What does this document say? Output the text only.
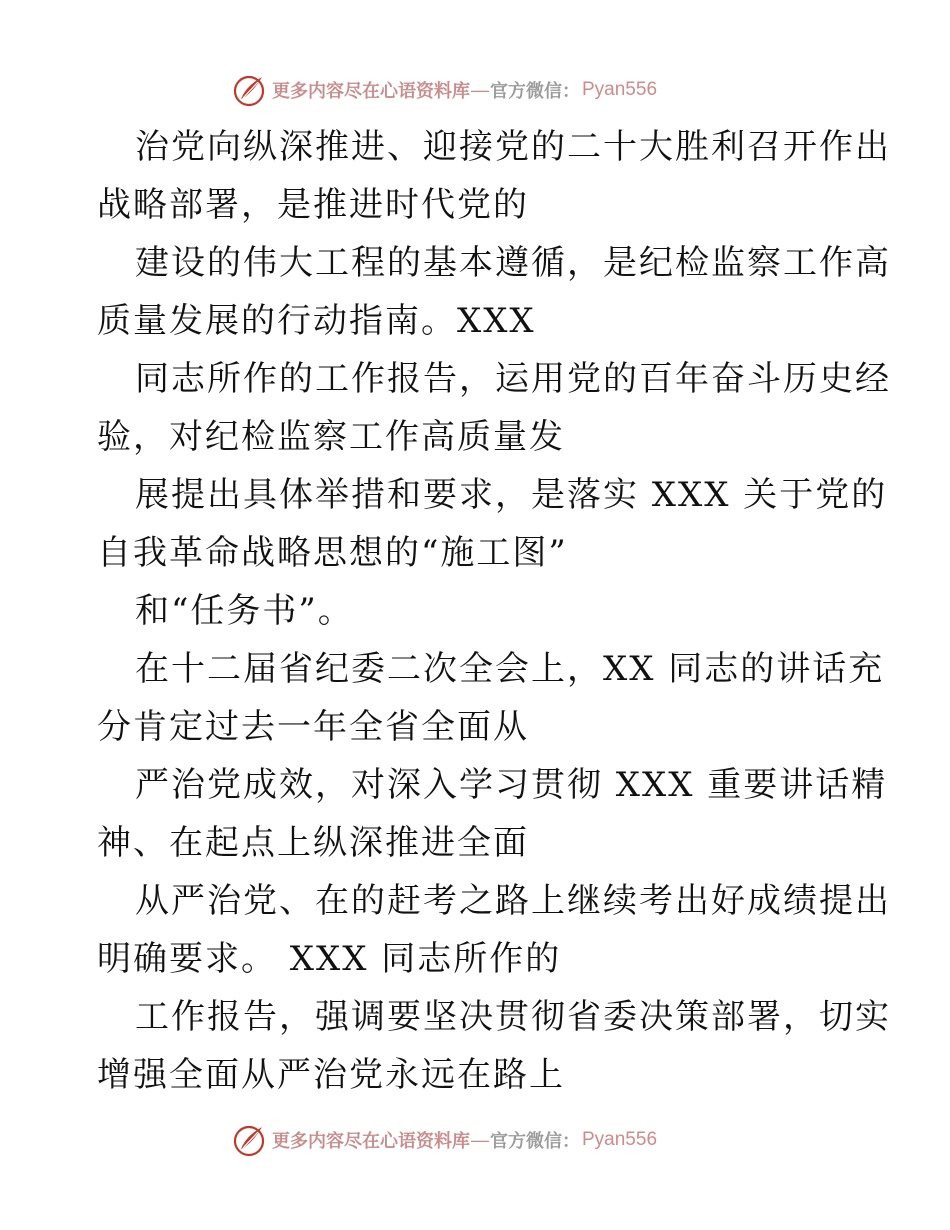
更多内容尽在心语资料库 — 官方微信： Pyan556
治党向纵深推进、迎接党的二十大胜利召开作出
战略部署，是推进时代党的
建设的伟大工程的基本遵循，是纪检监察工作高
质量发展的行动指南。XXX
同志所作的工作报告，运用党的百年奋斗历史经
验，对纪检监察工作高质量发
展提出具体举措和要求，是落实 XXX 关于党的
自我革命战略思想的“施工图”
和“任务书”。
在十二届省纪委二次全会上，XX 同志的讲话充
分肯定过去一年全省全面从
严治党成效，对深入学习贯彻 XXX 重要讲话精
神、在起点上纵深推进全面
从严治党、在的赶考之路上继续考出好成绩提出
明确要求。 XXX 同志所作的
工作报告，强调要坚决贯彻省委决策部署，切实
增强全面从严治党永远在路上
更多内容尽在心语资料库 — 官方微信： Pyan556
